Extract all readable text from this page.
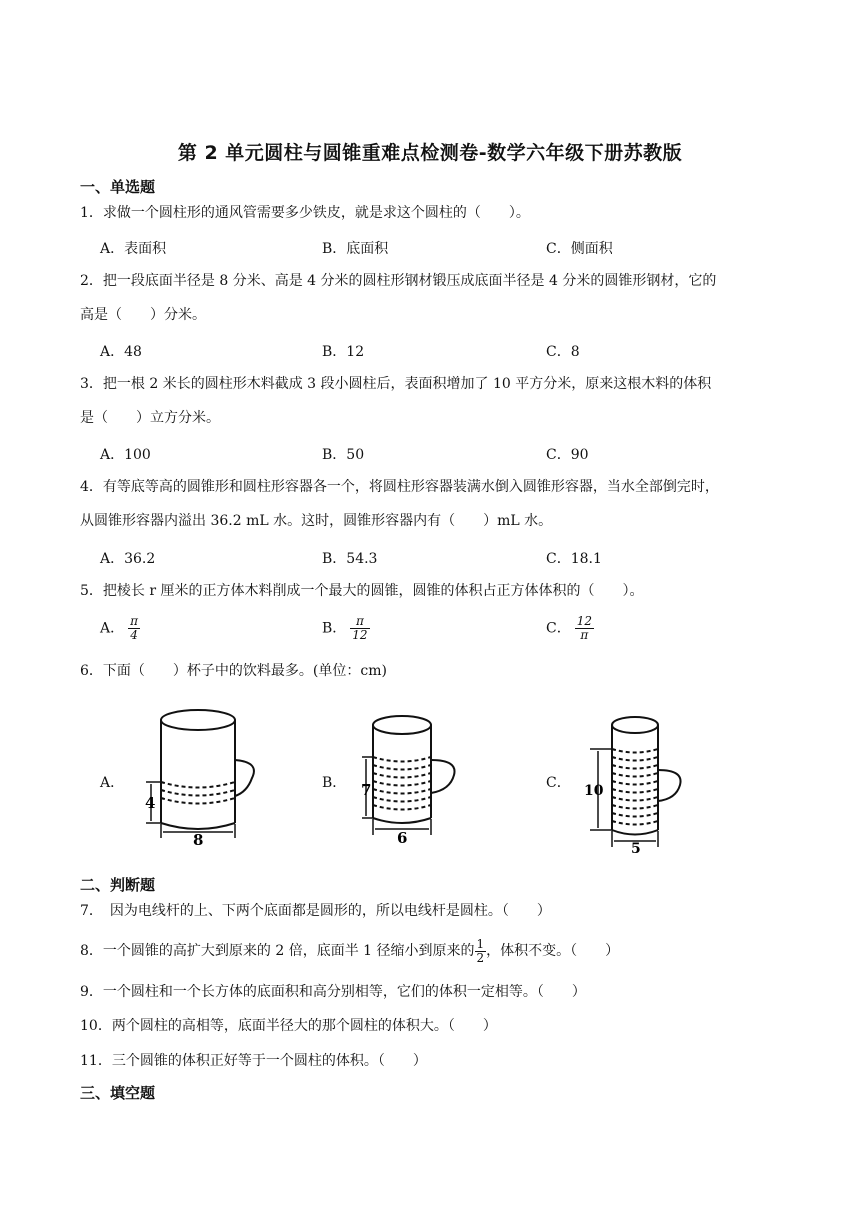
第 2 单元圆柱与圆锥重难点检测卷-数学六年级下册苏教版
一、单选题
1．求做一个圆柱形的通风管需要多少铁皮，就是求这个圆柱的（　　）。
A．表面积	B．底面积	C．侧面积
2．把一段底面半径是 8 分米、高是 4 分米的圆柱形钢材锻压成底面半径是 4 分米的圆锥形钢材，它的
高是（　　）分米。
A．48	B．12	C．8
3．把一根 2 米长的圆柱形木料截成 3 段小圆柱后，表面积增加了 10 平方分米，原来这根木料的体积
是（　　）立方分米。
A．100	B．50	C．90
4．有等底等高的圆锥形和圆柱形容器各一个，将圆柱形容器装满水倒入圆锥形容器，当水全部倒完时，
从圆锥形容器内溢出 36.2 mL 水。这时，圆锥形容器内有（　　）mL 水。
A．36.2	B．54.3	C．18.1
5．把棱长 r 厘米的正方体木料削成一个最大的圆锥，圆锥的体积占正方体体积的（　　）。
A． $\frac{\pi}{4}$	B． $\frac{\pi}{12}$	C． $\frac{12}{\pi}$
6．下面（　　）杯子中的饮料最多。(单位：cm)
A．	B．	C．
4
8
7
6
10
5
二、判断题
7．　因为电线杆的上、下两个底面都是圆形的，所以电线杆是圆柱。（　　）
8．一个圆锥的高扩大到原来的 2 倍，底面半 1 径缩小到原来的 $\frac{1}{2}$ ，体积不变。（　　）
9．一个圆柱和一个长方体的底面积和高分别相等，它们的体积一定相等。（　　）
10．两个圆柱的高相等，底面半径大的那个圆柱的体积大。（　　）
11．三个圆锥的体积正好等于一个圆柱的体积。（　　）
三、填空题
